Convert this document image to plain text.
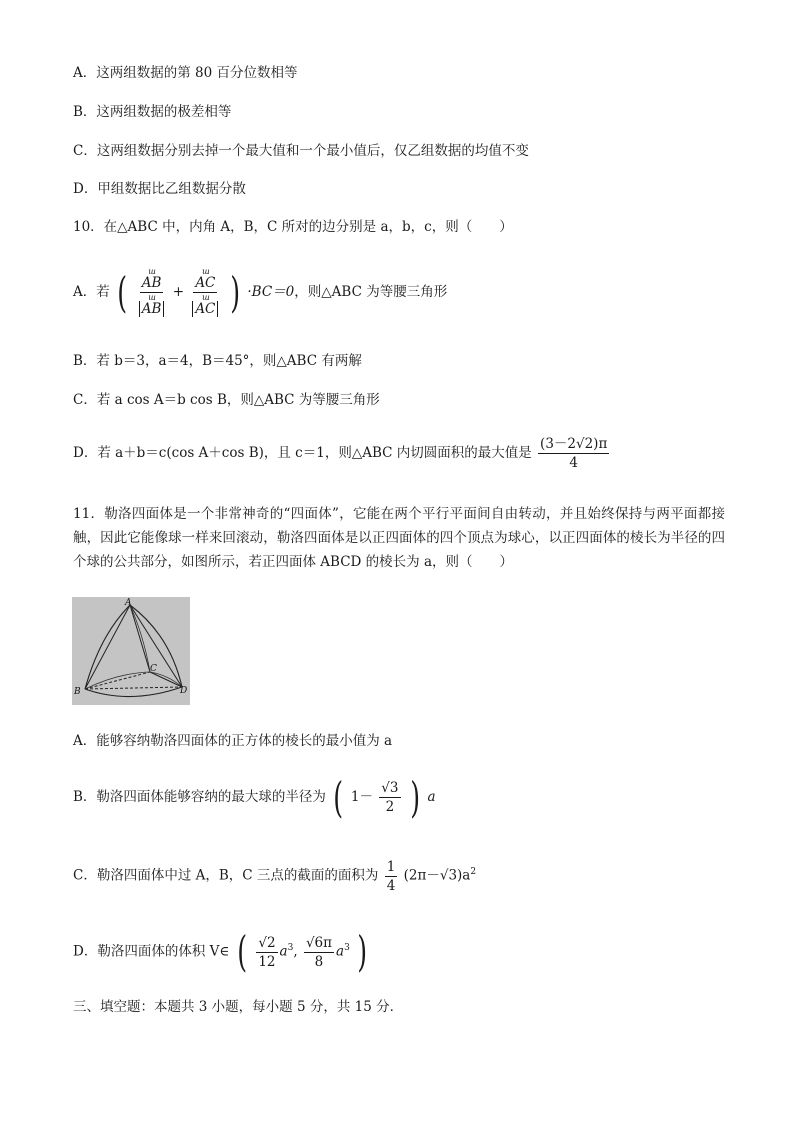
A．这两组数据的第 80 百分位数相等
B．这两组数据的极差相等
C．这两组数据分别去掉一个最大值和一个最小值后，仅乙组数据的均值不变
D．甲组数据比乙组数据分散
10．在△ABC 中，内角 A，B，C 所对的边分别是 a，b，c，则（　　）
A．若 ( ш
AB
ш
AB + ш
AC
ш
AC ) ·BC＝0，则△ABC 为等腰三角形
B．若 b＝3，a＝4，B＝45°，则△ABC 有两解
C．若 a cos A＝b cos B，则△ABC 为等腰三角形
D．若 a＋b＝c(cos A＋cos B)，且 c＝1，则△ABC 内切圆面积的最大值是 $\frac{(3-2√2)\pi}{4}$
11．勒洛四面体是一个非常神奇的“四面体”，它能在两个平行平面间自由转动，并且始终保持与两平面都接触，因此它能像球一样来回滚动，勒洛四面体是以正四面体的四个顶点为球心，以正四面体的棱长为半径的四个球的公共部分，如图所示，若正四面体 ABCD 的棱长为 a，则（　　）
A
B
C
D
A．能够容纳勒洛四面体的正方体的棱长的最小值为 a
B．勒洛四面体能够容纳的最大球的半径为 ( $1- \frac{√3}{2}$ ) a
C．勒洛四面体中过 A，B，C 三点的截面的面积为 $\frac{1}{4} (2\pi-√3)a^2$
D．勒洛四面体的体积 V∈ ( $\frac{√2}{12} a^3$, $\frac{√6\pi}{8} a^3$ )
三、填空题：本题共 3 小题，每小题 5 分，共 15 分．
